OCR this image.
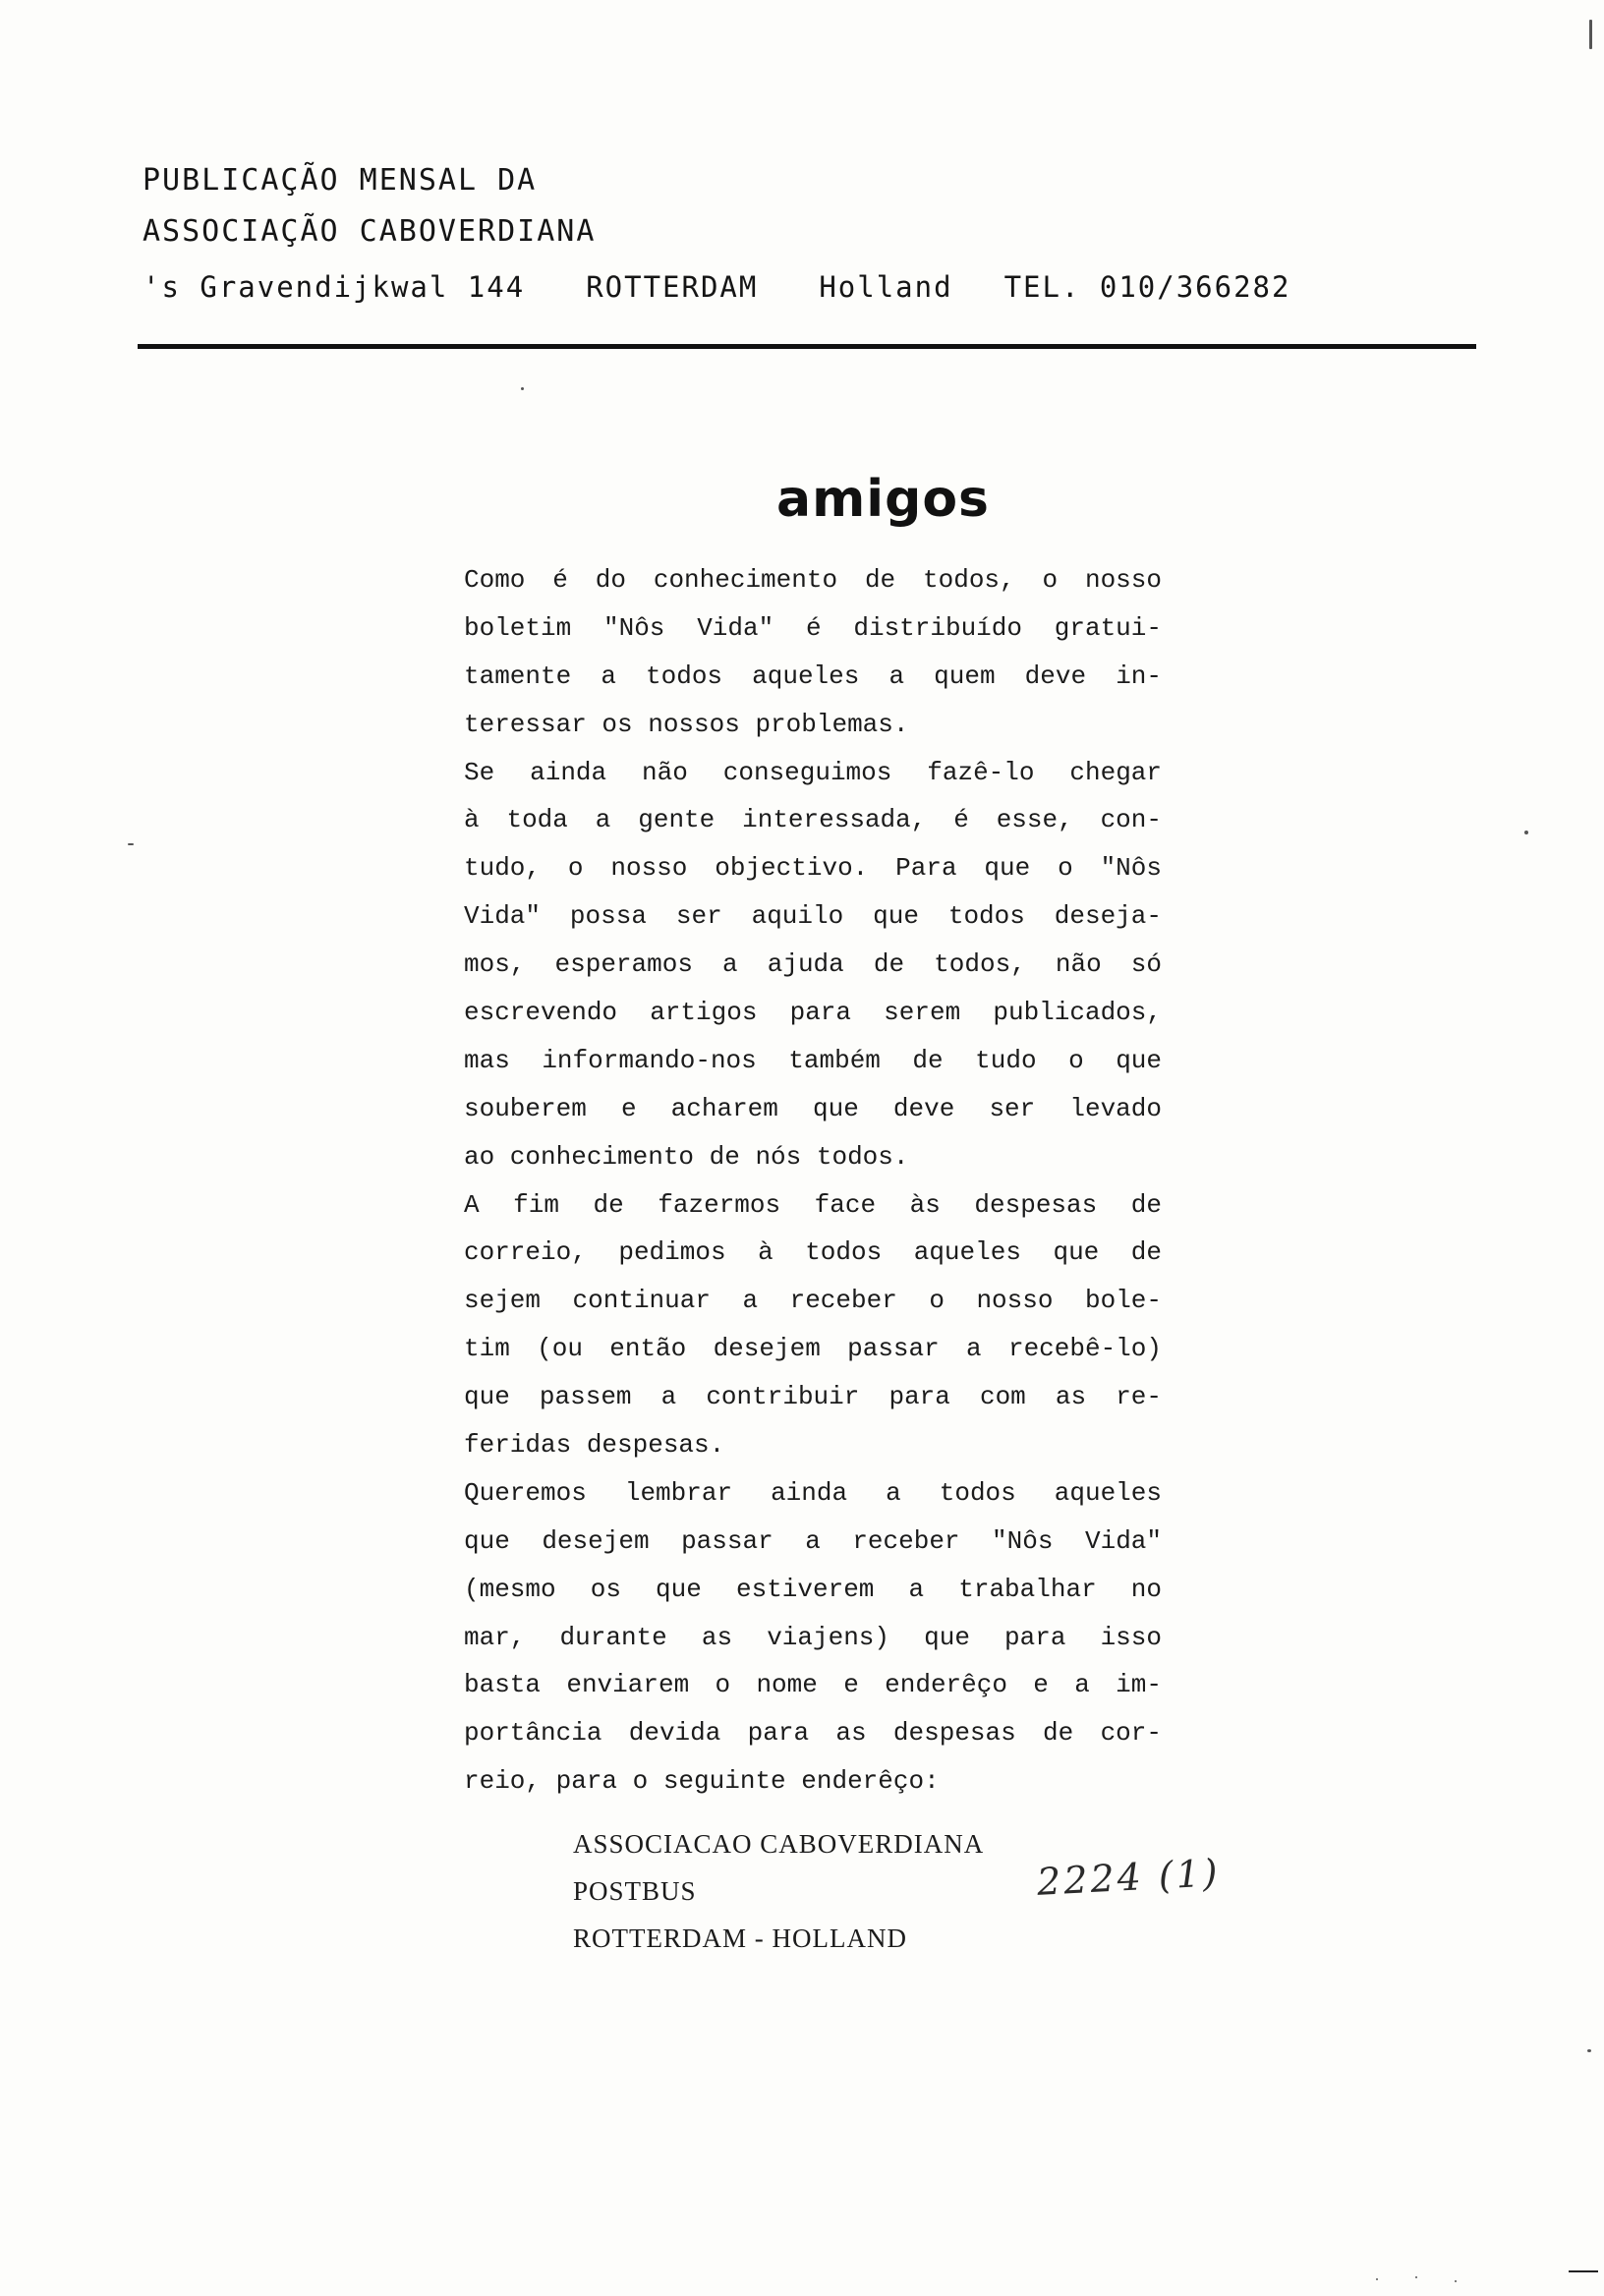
PUBLICAÇÃO MENSAL DA
ASSOCIAÇÃO CABOVERDIANA
's Gravendijkwal 144 ROTTERDAM Holland TEL. 010/366282
amigos
Como é do conhecimento de todos, o nosso
boletim "Nôs Vida" é distribuído gratui-
tamente a todos aqueles a quem deve in-
teressar os nossos problemas.
Se ainda não conseguimos fazê-lo chegar
à toda a gente interessada, é esse, con-
tudo, o nosso objectivo. Para que o "Nôs
Vida" possa ser aquilo que todos deseja-
mos, esperamos a ajuda de todos, não só
escrevendo artigos para serem publicados,
mas informando-nos também de tudo o que
souberem e acharem que deve ser levado
ao conhecimento de nós todos.
A fim de fazermos face às despesas de
correio, pedimos à todos aqueles que de
sejem continuar a receber o nosso bole-
tim (ou então desejem passar a recebê-lo)
que passem a contribuir para com as re-
feridas despesas.
Queremos lembrar ainda a todos aqueles
que desejem passar a receber "Nôs Vida"
(mesmo os que estiverem a trabalhar no
mar, durante as viajens) que para isso
basta enviarem o nome e enderêço e a im-
portância devida para as despesas de cor-
reio, para o seguinte enderêço:
ASSOCIACAO CABOVERDIANA
POSTBUS
ROTTERDAM - HOLLAND
2224 (1)
